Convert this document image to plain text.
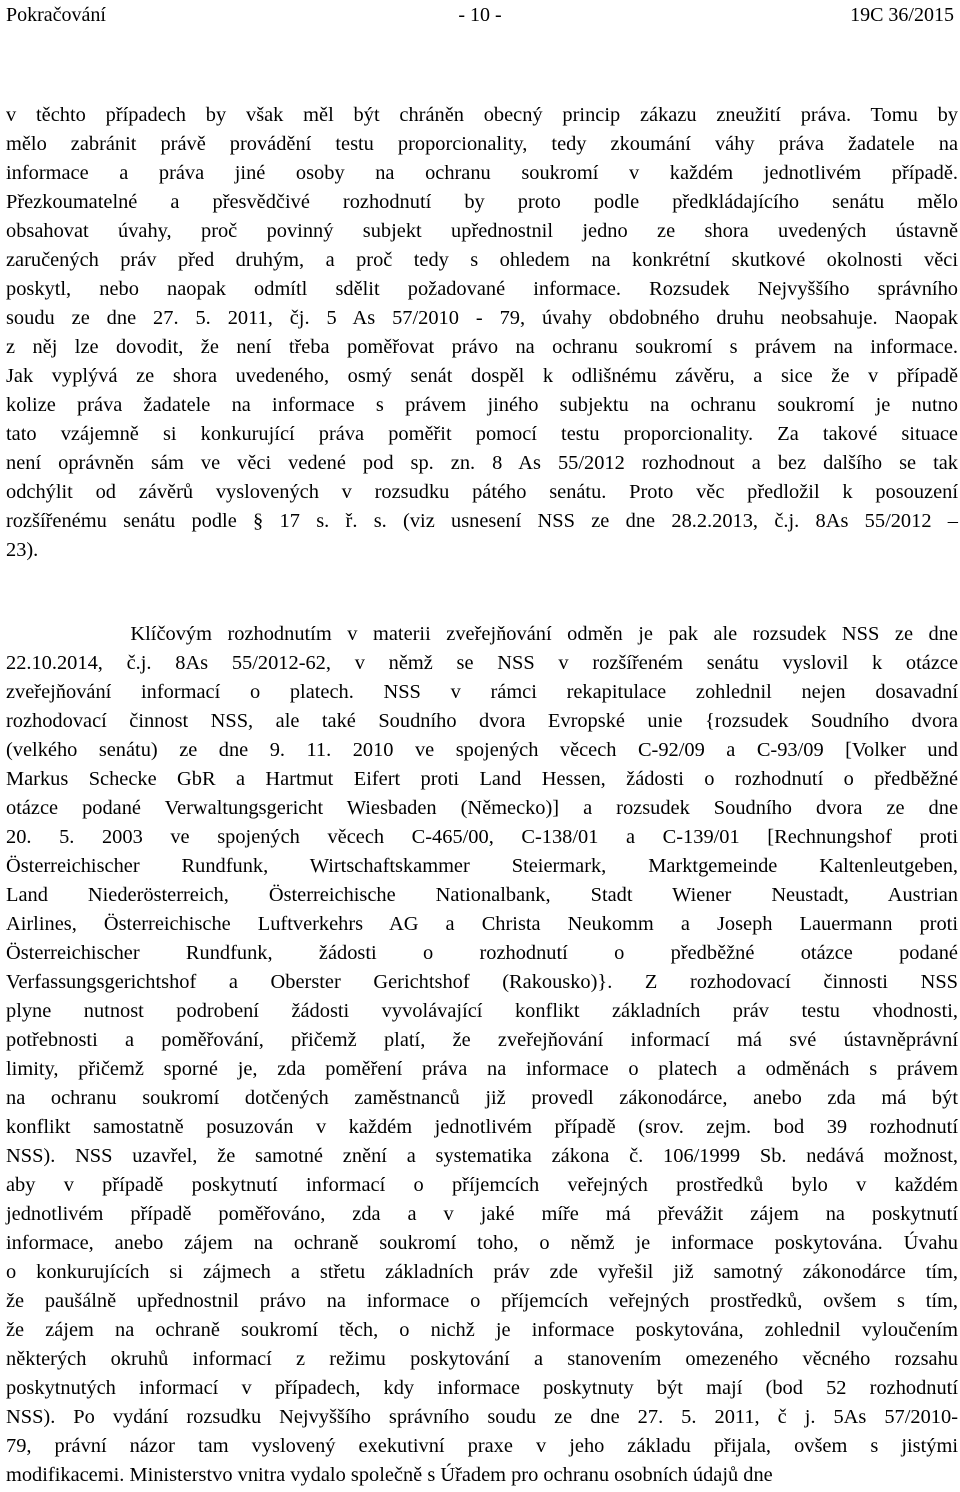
Pokračování	- 10 -	19C 36/2015
v těchto případech by však měl být chráněn obecný princip zákazu zneužití práva. Tomu by
mělo zabránit právě provádění testu proporcionality, tedy zkoumání váhy práva žadatele na
informace a práva jiné osoby na ochranu soukromí v každém jednotlivém případě.
Přezkoumatelné a přesvědčivé rozhodnutí by proto podle předkládajícího senátu mělo
obsahovat úvahy, proč povinný subjekt upřednostnil jedno ze shora uvedených ústavně
zaručených práv před druhým, a proč tedy s ohledem na konkrétní skutkové okolnosti věci
poskytl, nebo naopak odmítl sdělit požadované informace. Rozsudek Nejvyššího správního
soudu ze dne 27. 5. 2011, čj. 5 As 57/2010 - 79, úvahy obdobného druhu neobsahuje. Naopak
z něj lze dovodit, že není třeba poměřovat právo na ochranu soukromí s právem na informace.
Jak vyplývá ze shora uvedeného, osmý senát dospěl k odlišnému závěru, a sice že v případě
kolize práva žadatele na informace s právem jiného subjektu na ochranu soukromí je nutno
tato vzájemně si konkurující práva poměřit pomocí testu proporcionality. Za takové situace
není oprávněn sám ve věci vedené pod sp. zn. 8 As 55/2012 rozhodnout a bez dalšího se tak
odchýlit od závěrů vyslovených v rozsudku pátého senátu. Proto věc předložil k posouzení
rozšířenému senátu podle § 17 s. ř. s. (viz usnesení NSS ze dne 28.2.2013, č.j. 8As 55/2012 –
23).
Klíčovým rozhodnutím v materii zveřejňování odměn je pak ale rozsudek NSS ze dne
22.10.2014, č.j. 8As 55/2012-62, v němž se NSS v rozšířeném senátu vyslovil k otázce
zveřejňování informací o platech. NSS v rámci rekapitulace zohlednil nejen dosavadní
rozhodovací činnost NSS, ale také Soudního dvora Evropské unie {rozsudek Soudního dvora
(velkého senátu) ze dne 9. 11. 2010 ve spojených věcech C-92/09 a C-93/09 [Volker und
Markus Schecke GbR a Hartmut Eifert proti Land Hessen, žádosti o rozhodnutí o předběžné
otázce podané Verwaltungsgericht Wiesbaden (Německo)] a rozsudek Soudního dvora ze dne
20. 5. 2003 ve spojených věcech C-465/00, C-138/01 a C-139/01 [Rechnungshof proti
Österreichischer Rundfunk, Wirtschaftskammer Steiermark, Marktgemeinde Kaltenleutgeben,
Land Niederösterreich, Österreichische Nationalbank, Stadt Wiener Neustadt, Austrian
Airlines, Österreichische Luftverkehrs AG a Christa Neukomm a Joseph Lauermann proti
Österreichischer Rundfunk, žádosti o rozhodnutí o předběžné otázce podané
Verfassungsgerichtshof a Oberster Gerichtshof (Rakousko)}. Z rozhodovací činnosti NSS
plyne nutnost podrobení žádosti vyvolávající konflikt základních práv testu vhodnosti,
potřebnosti a poměřování, přičemž platí, že zveřejňování informací má své ústavněprávní
limity, přičemž sporné je, zda poměření práva na informace o platech a odměnách s právem
na ochranu soukromí dotčených zaměstnanců již provedl zákonodárce, anebo zda má být
konflikt samostatně posuzován v každém jednotlivém případě (srov. zejm. bod 39 rozhodnutí
NSS). NSS uzavřel, že samotné znění a systematika zákona č. 106/1999 Sb. nedává možnost,
aby v případě poskytnutí informací o příjemcích veřejných prostředků bylo v každém
jednotlivém případě poměřováno, zda a v jaké míře má převážit zájem na poskytnutí
informace, anebo zájem na ochraně soukromí toho, o němž je informace poskytována. Úvahu
o konkurujících si zájmech a střetu základních práv zde vyřešil již samotný zákonodárce tím,
že paušálně upřednostnil právo na informace o příjemcích veřejných prostředků, ovšem s tím,
že zájem na ochraně soukromí těch, o nichž je informace poskytována, zohlednil vyloučením
některých okruhů informací z režimu poskytování a stanovením omezeného věcného rozsahu
poskytnutých informací v případech, kdy informace poskytnuty být mají (bod 52 rozhodnutí
NSS). Po vydání rozsudku Nejvyššího správního soudu ze dne 27. 5. 2011, č j. 5As 57/2010-
79, právní názor tam vyslovený exekutivní praxe v jeho základu přijala, ovšem s jistými
modifikacemi. Ministerstvo vnitra vydalo společně s Úřadem pro ochranu osobních údajů dne
